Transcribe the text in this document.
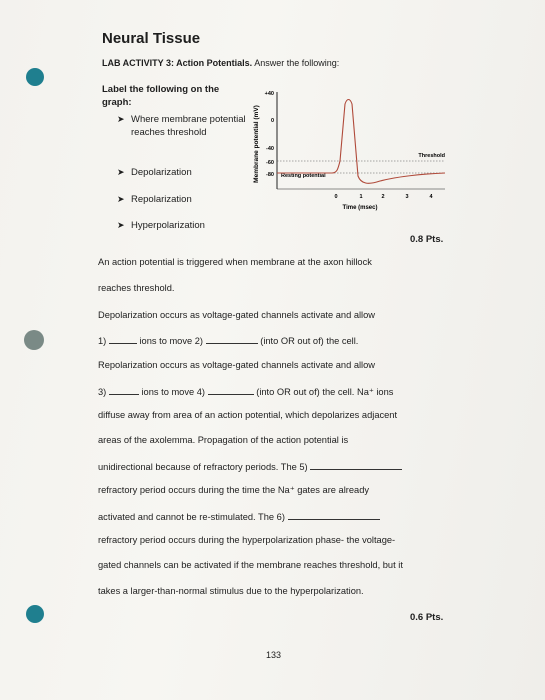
Neural Tissue
LAB ACTIVITY 3: Action Potentials. Answer the following:
Label the following on the graph:
➤ Where membrane potential reaches threshold
➤ Depolarization
➤ Repolarization
➤ Hyperpolarization
Membrane potential (mV)
+40
0
-40
-60
-80
Threshold
Resting potential
0	1	2	3	4
Time (msec)
0.8 Pts.
An action potential is triggered when membrane at the axon hillock
reaches threshold.
Depolarization occurs as voltage-gated channels activate and allow
1)	ions to move 2)	(into OR out of) the cell.
Repolarization occurs as voltage-gated channels activate and allow
3)	ions to move 4)	(into OR out of) the cell. Na⁺ ions
diffuse away from area of an action potential, which depolarizes adjacent
areas of the axolemma. Propagation of the action potential is
unidirectional because of refractory periods. The 5)
refractory period occurs during the time the Na⁺ gates are already
activated and cannot be re-stimulated. The 6)
refractory period occurs during the hyperpolarization phase- the voltage-
gated channels can be activated if the membrane reaches threshold, but it
takes a larger-than-normal stimulus due to the hyperpolarization.
0.6 Pts.
133
